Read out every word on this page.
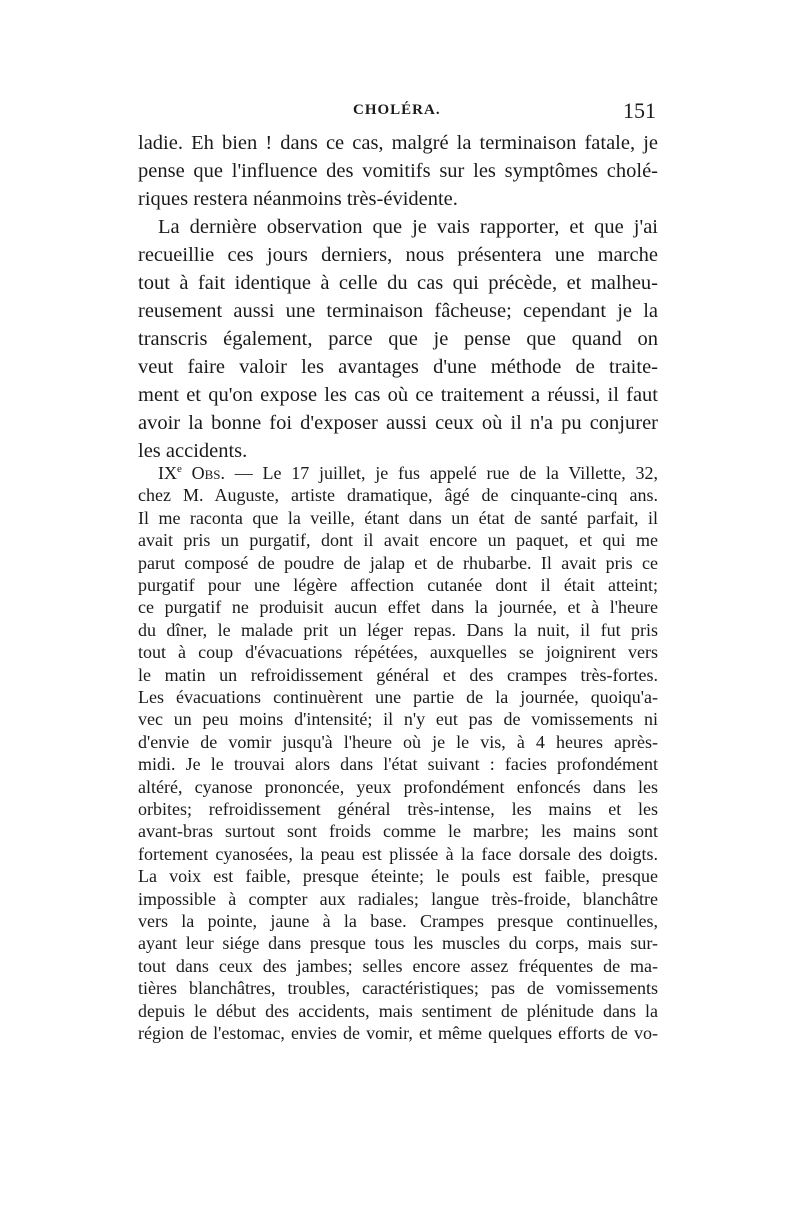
CHOLÉRA.	151
ladie. Eh bien ! dans ce cas, malgré la terminaison fatale, je
pense que l'influence des vomitifs sur les symptômes cholé-
riques restera néanmoins très-évidente.
La dernière observation que je vais rapporter, et que j'ai
recueillie ces jours derniers, nous présentera une marche
tout à fait identique à celle du cas qui précède, et malheu-
reusement aussi une terminaison fâcheuse; cependant je la
transcris également, parce que je pense que quand on
veut faire valoir les avantages d'une méthode de traite-
ment et qu'on expose les cas où ce traitement a réussi, il faut
avoir la bonne foi d'exposer aussi ceux où il n'a pu conjurer
les accidents.
IXe Obs. — Le 17 juillet, je fus appelé rue de la Villette, 32,
chez M. Auguste, artiste dramatique, âgé de cinquante-cinq ans.
Il me raconta que la veille, étant dans un état de santé parfait, il
avait pris un purgatif, dont il avait encore un paquet, et qui me
parut composé de poudre de jalap et de rhubarbe. Il avait pris ce
purgatif pour une légère affection cutanée dont il était atteint;
ce purgatif ne produisit aucun effet dans la journée, et à l'heure
du dîner, le malade prit un léger repas. Dans la nuit, il fut pris
tout à coup d'évacuations répétées, auxquelles se joignirent vers
le matin un refroidissement général et des crampes très-fortes.
Les évacuations continuèrent une partie de la journée, quoiqu'a-
vec un peu moins d'intensité; il n'y eut pas de vomissements ni
d'envie de vomir jusqu'à l'heure où je le vis, à 4 heures après-
midi. Je le trouvai alors dans l'état suivant : facies profondément
altéré, cyanose prononcée, yeux profondément enfoncés dans les
orbites; refroidissement général très-intense, les mains et les
avant-bras surtout sont froids comme le marbre; les mains sont
fortement cyanosées, la peau est plissée à la face dorsale des doigts.
La voix est faible, presque éteinte; le pouls est faible, presque
impossible à compter aux radiales; langue très-froide, blanchâtre
vers la pointe, jaune à la base. Crampes presque continuelles,
ayant leur siége dans presque tous les muscles du corps, mais sur-
tout dans ceux des jambes; selles encore assez fréquentes de ma-
tières blanchâtres, troubles, caractéristiques; pas de vomissements
depuis le début des accidents, mais sentiment de plénitude dans la
région de l'estomac, envies de vomir, et même quelques efforts de vo-
